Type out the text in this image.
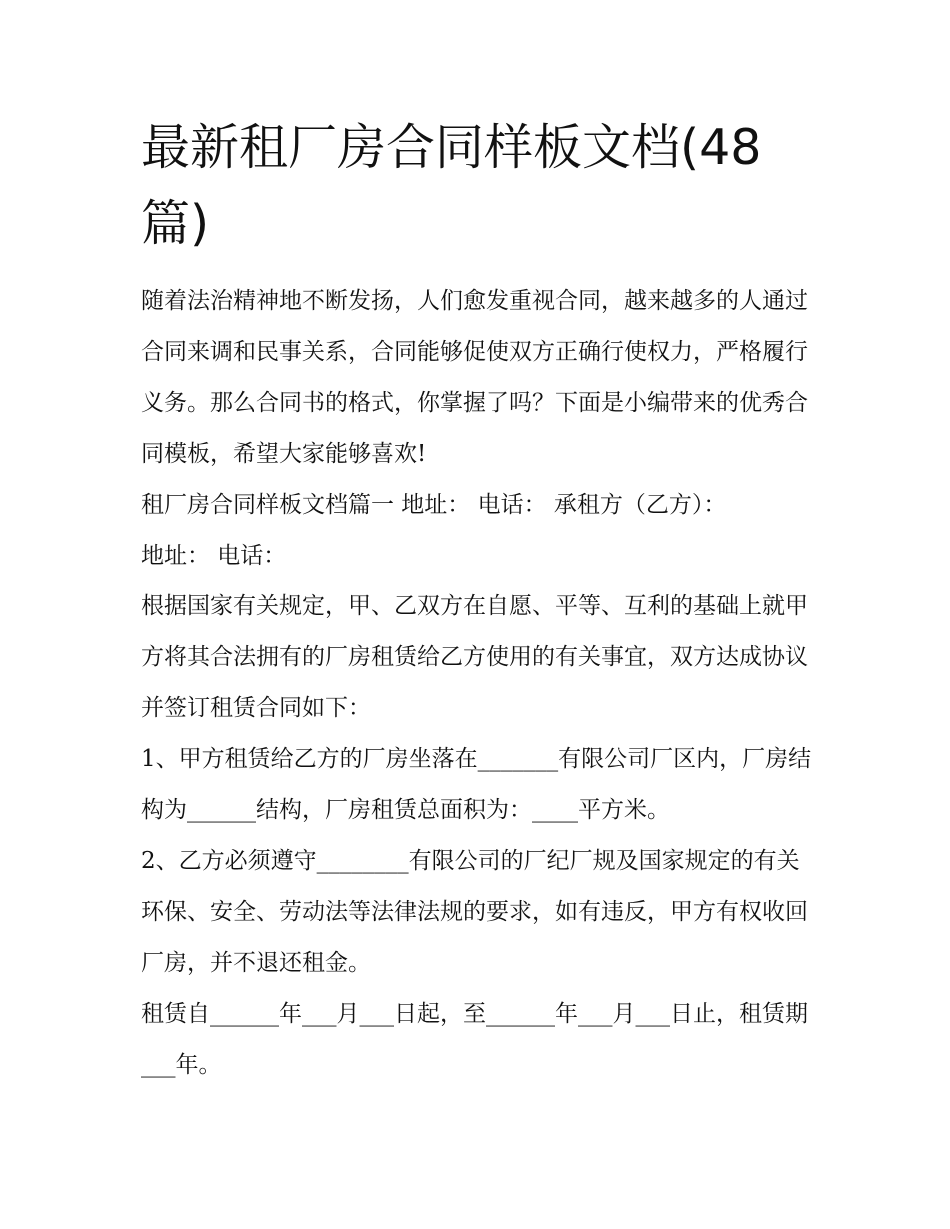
最新租厂房合同样板文档(48篇)

随着法治精神地不断发扬，人们愈发重视合同，越来越多的人通过合同来调和民事关系，合同能够促使双方正确行使权力，严格履行义务。那么合同书的格式，你掌握了吗？下面是小编带来的优秀合同模板，希望大家能够喜欢!

租厂房合同样板文档篇一 地址： 电话： 承租方（乙方）：

地址： 电话：

根据国家有关规定，甲、乙双方在自愿、平等、互利的基础上就甲方将其合法拥有的厂房租赁给乙方使用的有关事宜，双方达成协议并签订租赁合同如下：

1、甲方租赁给乙方的厂房坐落在_______有限公司厂区内，厂房结构为______结构，厂房租赁总面积为：____平方米。

2、乙方必须遵守________有限公司的厂纪厂规及国家规定的有关环保、安全、劳动法等法律法规的要求，如有违反，甲方有权收回厂房，并不退还租金。

租赁自______年___月___日起，至______年___月___日止，租赁期___年。
